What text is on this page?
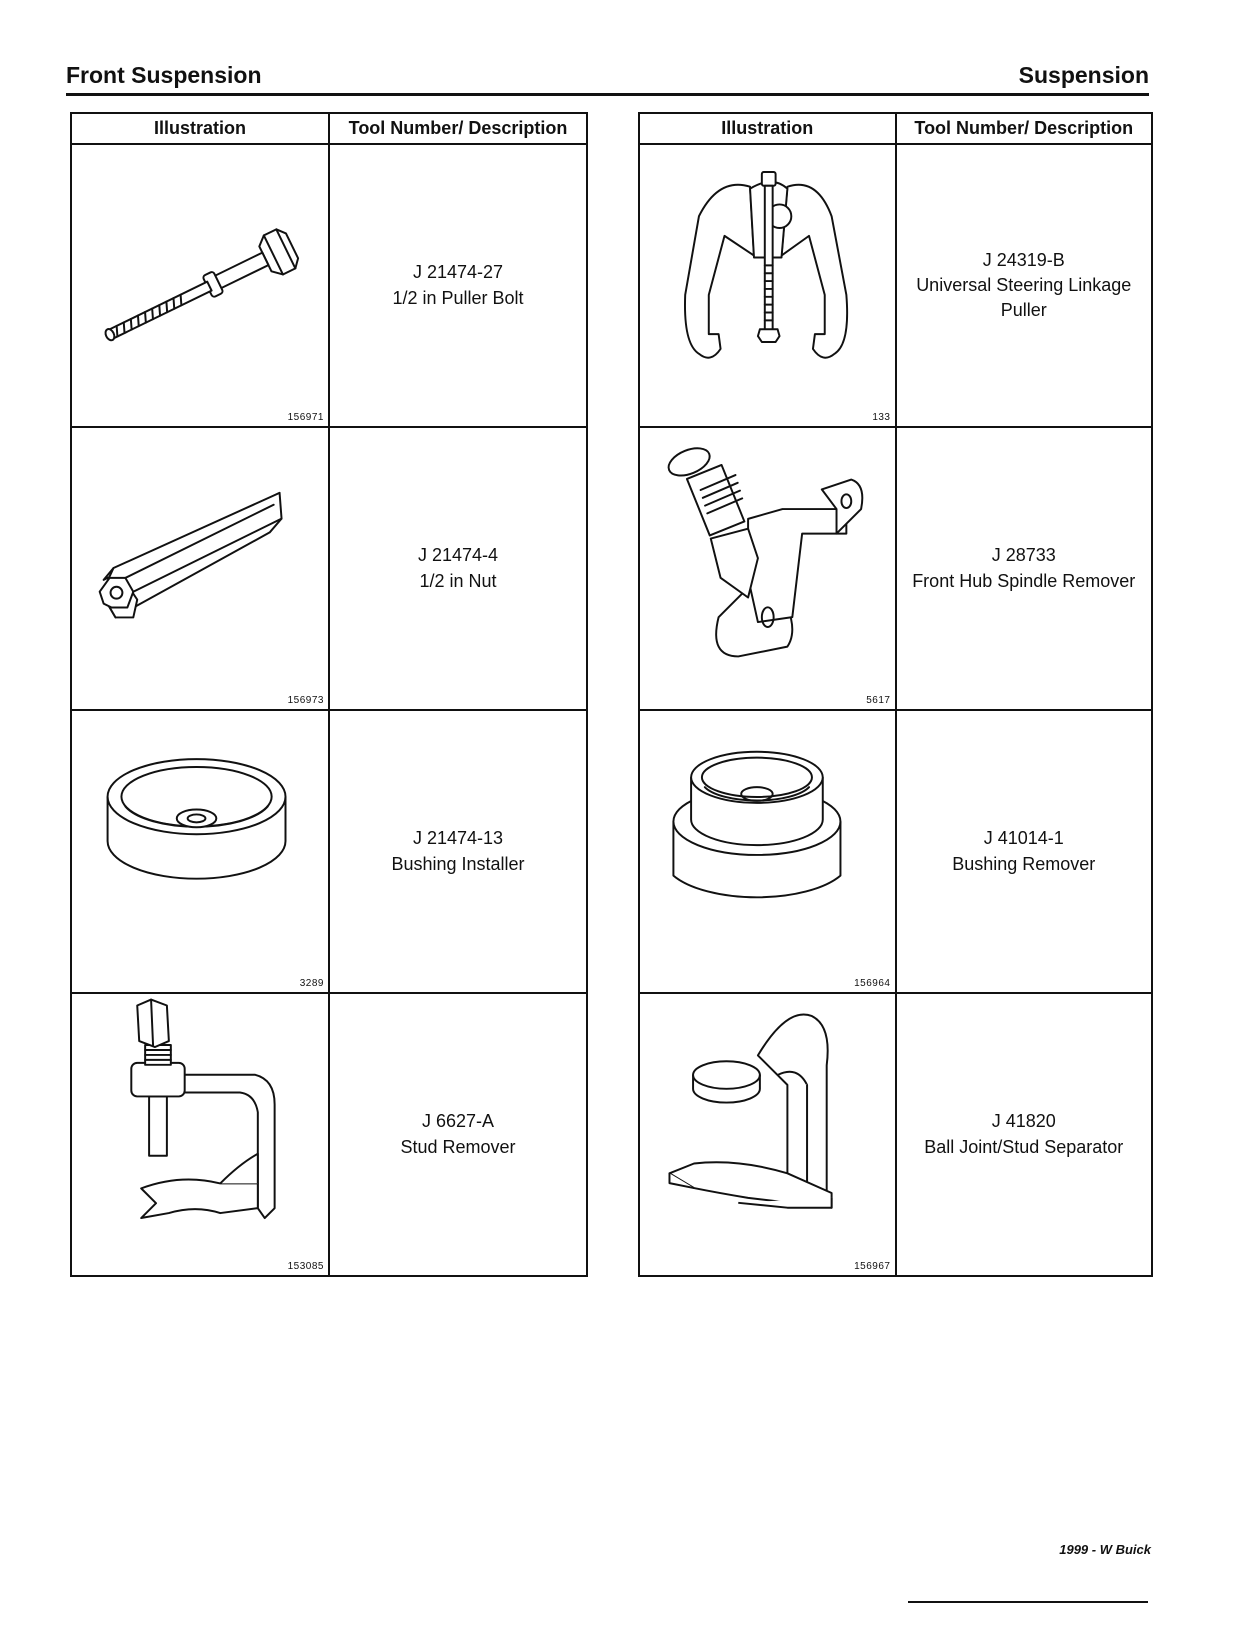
Front Suspension	Suspension
Illustration	Tool Number/ Description

156971	J 21474-27
1/2 in Puller Bolt

156973	J 21474-4
1/2 in Nut

3289	J 21474-13
Bushing Installer

153085	J 6627-A
Stud Remover
Illustration	Tool Number/ Description

133	J 24319-B
Universal Steering Linkage Puller

5617	J 28733
Front Hub Spindle Remover

156964	J 41014-1
Bushing Remover

156967	J 41820
Ball Joint/Stud Separator
1999 - W Buick
